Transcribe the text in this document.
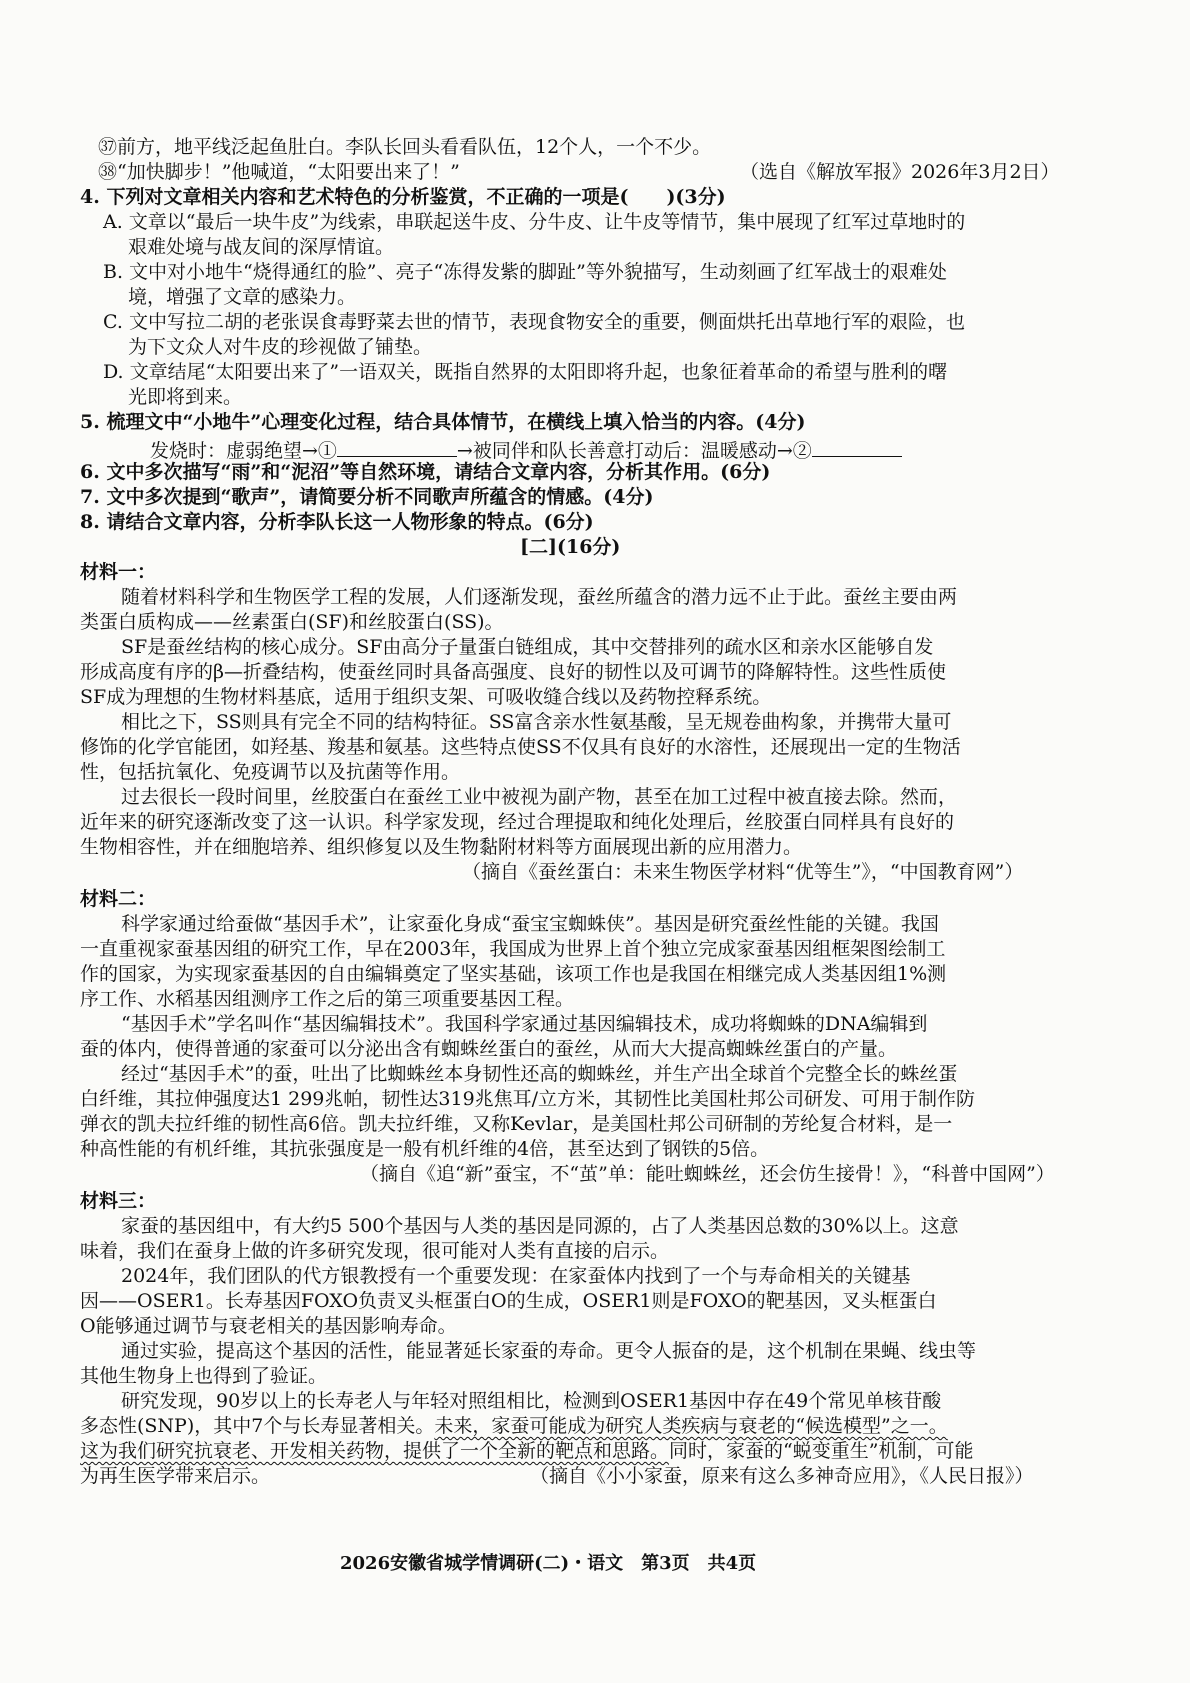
㊲前方，地平线泛起鱼肚白。李队长回头看看队伍，12个人，一个不少。
㊳“加快脚步！”他喊道，“太阳要出来了！”	（选自《解放军报》2026年3月2日）
4. 下列对文章相关内容和艺术特色的分析鉴赏，不正确的一项是(　　)(3分)
A. 文章以“最后一块牛皮”为线索，串联起送牛皮、分牛皮、让牛皮等情节，集中展现了红军过草地时的
艰难处境与战友间的深厚情谊。
B. 文中对小地牛“烧得通红的脸”、亮子“冻得发紫的脚趾”等外貌描写，生动刻画了红军战士的艰难处
境，增强了文章的感染力。
C. 文中写拉二胡的老张误食毒野菜去世的情节，表现食物安全的重要，侧面烘托出草地行军的艰险，也
为下文众人对牛皮的珍视做了铺垫。
D. 文章结尾“太阳要出来了”一语双关，既指自然界的太阳即将升起，也象征着革命的希望与胜利的曙
光即将到来。
5. 梳理文中“小地牛”心理变化过程，结合具体情节，在横线上填入恰当的内容。(4分)
发烧时：虚弱绝望→①	→被同伴和队长善意打动后：温暖感动→②
6. 文中多次描写“雨”和“泥沼”等自然环境，请结合文章内容，分析其作用。(6分)
7. 文中多次提到“歌声”，请简要分析不同歌声所蕴含的情感。(4分)
8. 请结合文章内容，分析李队长这一人物形象的特点。(6分)
[二](16分)
材料一：
随着材料科学和生物医学工程的发展，人们逐渐发现，蚕丝所蕴含的潜力远不止于此。蚕丝主要由两
类蛋白质构成——丝素蛋白(SF)和丝胶蛋白(SS)。
SF是蚕丝结构的核心成分。SF由高分子量蛋白链组成，其中交替排列的疏水区和亲水区能够自发
形成高度有序的β—折叠结构，使蚕丝同时具备高强度、良好的韧性以及可调节的降解特性。这些性质使
SF成为理想的生物材料基底，适用于组织支架、可吸收缝合线以及药物控释系统。
相比之下，SS则具有完全不同的结构特征。SS富含亲水性氨基酸，呈无规卷曲构象，并携带大量可
修饰的化学官能团，如羟基、羧基和氨基。这些特点使SS不仅具有良好的水溶性，还展现出一定的生物活
性，包括抗氧化、免疫调节以及抗菌等作用。
过去很长一段时间里，丝胶蛋白在蚕丝工业中被视为副产物，甚至在加工过程中被直接去除。然而，
近年来的研究逐渐改变了这一认识。科学家发现，经过合理提取和纯化处理后，丝胶蛋白同样具有良好的
生物相容性，并在细胞培养、组织修复以及生物黏附材料等方面展现出新的应用潜力。
（摘自《蚕丝蛋白：未来生物医学材料“优等生”》，“中国教育网”）
材料二：
科学家通过给蚕做“基因手术”，让家蚕化身成“蚕宝宝蜘蛛侠”。基因是研究蚕丝性能的关键。我国
一直重视家蚕基因组的研究工作，早在2003年，我国成为世界上首个独立完成家蚕基因组框架图绘制工
作的国家，为实现家蚕基因的自由编辑奠定了坚实基础，该项工作也是我国在相继完成人类基因组1%测
序工作、水稻基因组测序工作之后的第三项重要基因工程。
“基因手术”学名叫作“基因编辑技术”。我国科学家通过基因编辑技术，成功将蜘蛛的DNA编辑到
蚕的体内，使得普通的家蚕可以分泌出含有蜘蛛丝蛋白的蚕丝，从而大大提高蜘蛛丝蛋白的产量。
经过“基因手术”的蚕，吐出了比蜘蛛丝本身韧性还高的蜘蛛丝，并生产出全球首个完整全长的蛛丝蛋
白纤维，其拉伸强度达1 299兆帕，韧性达319兆焦耳/立方米，其韧性比美国杜邦公司研发、可用于制作防
弹衣的凯夫拉纤维的韧性高6倍。凯夫拉纤维，又称Kevlar，是美国杜邦公司研制的芳纶复合材料，是一
种高性能的有机纤维，其抗张强度是一般有机纤维的4倍，甚至达到了钢铁的5倍。
（摘自《追“新”蚕宝，不“茧”单：能吐蜘蛛丝，还会仿生接骨！》，“科普中国网”）
材料三：
家蚕的基因组中，有大约5 500个基因与人类的基因是同源的，占了人类基因总数的30%以上。这意
味着，我们在蚕身上做的许多研究发现，很可能对人类有直接的启示。
2024年，我们团队的代方银教授有一个重要发现：在家蚕体内找到了一个与寿命相关的关键基
因——OSER1。长寿基因FOXO负责叉头框蛋白O的生成，OSER1则是FOXO的靶基因，叉头框蛋白
O能够通过调节与衰老相关的基因影响寿命。
通过实验，提高这个基因的活性，能显著延长家蚕的寿命。更令人振奋的是，这个机制在果蝇、线虫等
其他生物身上也得到了验证。
研究发现，90岁以上的长寿老人与年轻对照组相比，检测到OSER1基因中存在49个常见单核苷酸
多态性(SNP)，其中7个与长寿显著相关。未来，家蚕可能成为研究人类疾病与衰老的“候选模型”之一。
这为我们研究抗衰老、开发相关药物，提供了一个全新的靶点和思路。同时，家蚕的“蜕变重生”机制，可能
为再生医学带来启示。	（摘自《小小家蚕，原来有这么多神奇应用》，《人民日报》）
2026安徽省城学情调研(二)・语文　第3页　共4页
